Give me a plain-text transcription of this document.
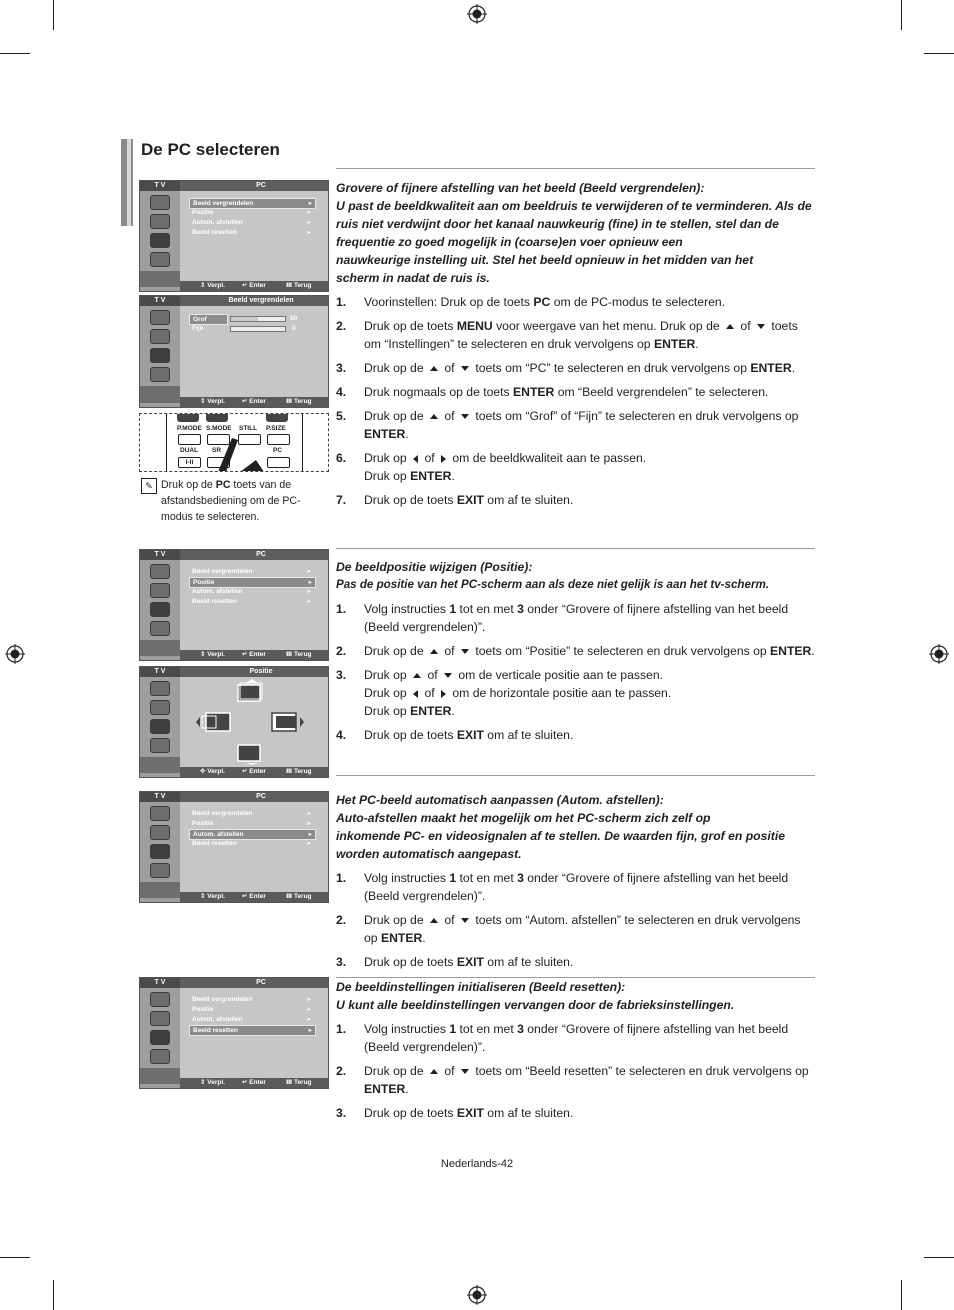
De PC selecteren
T V	PC
Beeld vergrendelen	▸
Positie	▸
Autom. afstellen	▸
Beeld resetten	▸
⇕ Verpl.	↵ Enter	Ⅲ Terug
T V	Beeld vergrendelen
Grof	50
Fijn	0
⇕ Verpl.	↵ Enter	Ⅲ Terug
P.MODE S.MODE STILL P.SIZE
DUAL SR	PC
I-II
✎ Druk op de PC toets van de afstandsbediening om de PC-modus te selecteren.
Grovere of fijnere afstelling van het beeld (Beeld vergrendelen):
U past de beeldkwaliteit aan om beeldruis te verwijderen of te verminderen. Als de ruis niet verdwijnt door het kanaal nauwkeurig (fine) in te stellen, stel dan de frequentie zo goed mogelijk in (coarse)en voer opnieuw een
nauwkeurige instelling uit. Stel het beeld opnieuw in het midden van het
scherm in nadat de ruis is.
1. Voorinstellen: Druk op de toets PC om de PC-modus te selecteren.
2. Druk op de toets MENU voor weergave van het menu. Druk op de  of  toets om “Instellingen” te selecteren en druk vervolgens op ENTER.
3. Druk op de  of  toets om “PC” te selecteren en druk vervolgens op ENTER.
4. Druk nogmaals op de toets ENTER om “Beeld vergrendelen” te selecteren.
5. Druk op de  of  toets om “Grof” of “Fijn” te selecteren en druk vervolgens op ENTER.
6. Druk op  of  om de beeldkwaliteit aan te passen.
Druk op ENTER.
7. Druk op de toets EXIT om af te sluiten.
T V	PC
Beeld vergrendelen	▸
Positie	▸
Autom. afstellen	▸
Beeld resetten	▸
⇕ Verpl.	↵ Enter	Ⅲ Terug
T V	Positie
✥ Verpl.	↵ Enter	Ⅲ Terug
De beeldpositie wijzigen (Positie):
Pas de positie van het PC-scherm aan als deze niet gelijk is aan het tv-scherm.
1. Volg instructies 1 tot en met 3 onder “Grovere of fijnere afstelling van het beeld (Beeld vergrendelen)”.
2. Druk op de  of  toets om “Positie” te selecteren en druk vervolgens op ENTER.
3. Druk op  of  om de verticale positie aan te passen.
Druk op  of  om de horizontale positie aan te passen.
Druk op ENTER.
4. Druk op de toets EXIT om af te sluiten.
T V	PC
Beeld vergrendelen	▸
Positie	▸
Autom. afstellen	▸
Beeld resetten	▸
⇕ Verpl.	↵ Enter	Ⅲ Terug
Het PC-beeld automatisch aanpassen (Autom. afstellen):
Auto-afstellen maakt het mogelijk om het PC-scherm zich zelf op
inkomende PC- en videosignalen af te stellen. De waarden fijn, grof en positie worden automatisch aangepast.
1. Volg instructies 1 tot en met 3 onder “Grovere of fijnere afstelling van het beeld (Beeld vergrendelen)”.
2. Druk op de  of  toets om “Autom. afstellen” te selecteren en druk vervolgens op ENTER.
3. Druk op de toets EXIT om af te sluiten.
T V	PC
Beeld vergrendelen	▸
Positie	▸
Autom. afstellen	▸
Beeld resetten	▸
⇕ Verpl.	↵ Enter	Ⅲ Terug
De beeldinstellingen initialiseren (Beeld resetten):
U kunt alle beeldinstellingen vervangen door de fabrieksinstellingen.
1. Volg instructies 1 tot en met 3 onder “Grovere of fijnere afstelling van het beeld (Beeld vergrendelen)”.
2. Druk op de  of  toets om “Beeld resetten” te selecteren en druk vervolgens op ENTER.
3. Druk op de toets EXIT om af te sluiten.
Nederlands-42
